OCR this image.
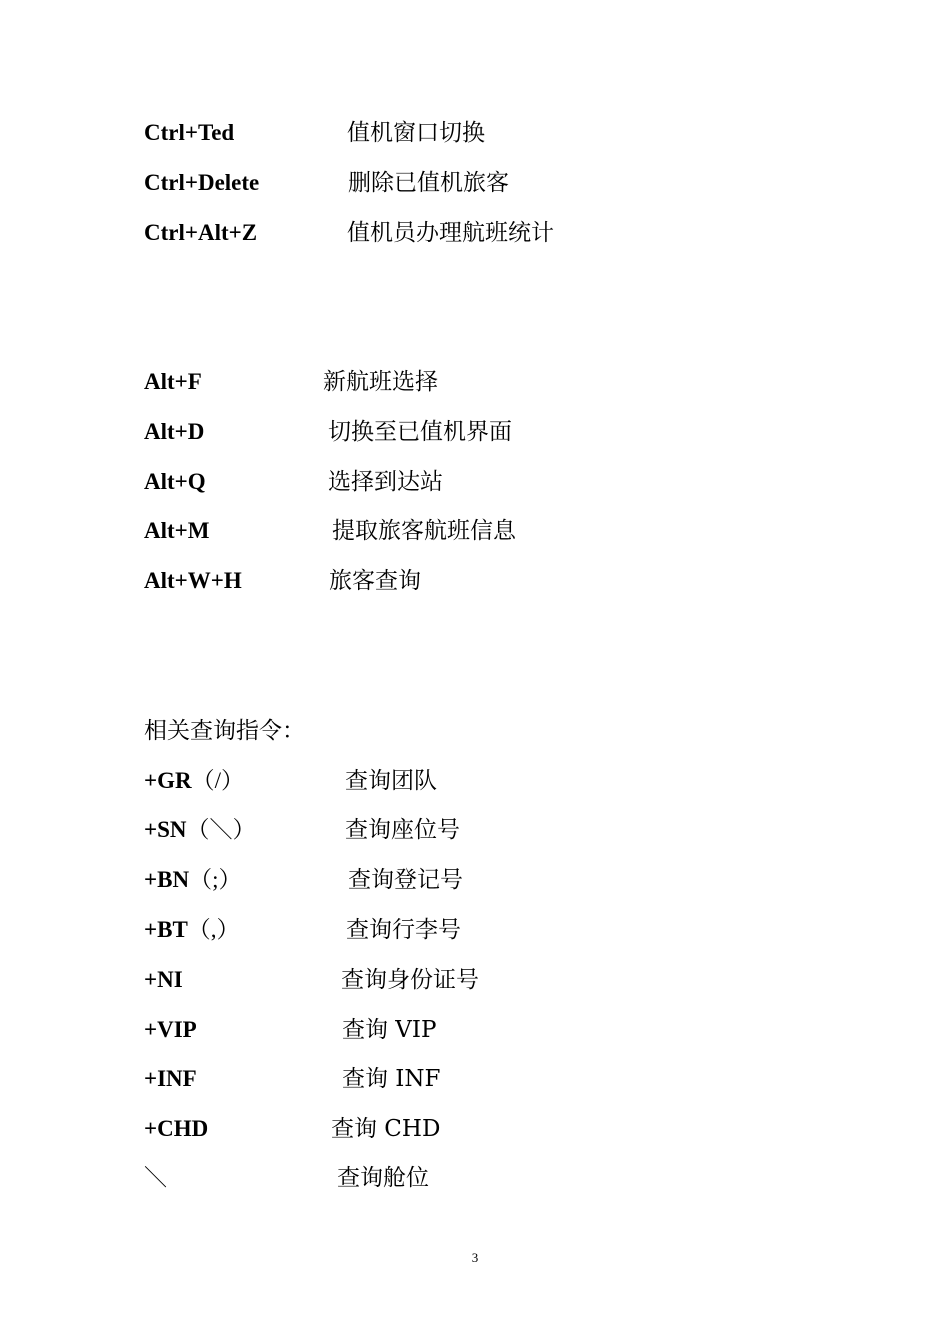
Ctrl+Ted	值机窗口切换
Ctrl+Delete	删除已值机旅客
Ctrl+Alt+Z	值机员办理航班统计
Alt+F	新航班选择
Alt+D	切换至已值机界面
Alt+Q	选择到达站
Alt+M	提取旅客航班信息
Alt+W+H	旅客查询
相关查询指令：
+GR（/）	查询团队
+SN（＼）	查询座位号
+BN（;）	查询登记号
+BT（,）	查询行李号
+NI	查询身份证号
+VIP	查询 VIP
+INF	查询 INF
+CHD	查询 CHD
＼	查询舱位
3
